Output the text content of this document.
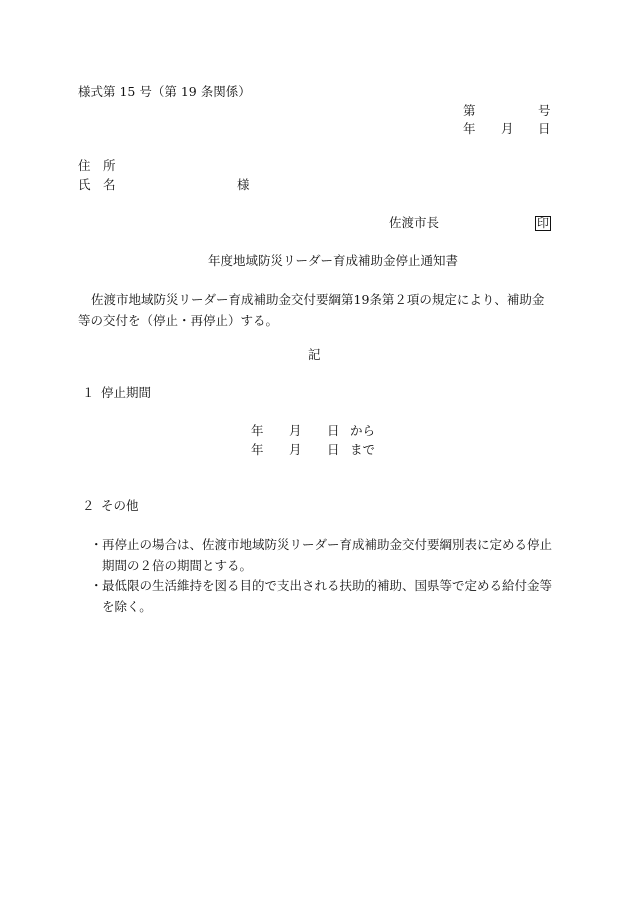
様式第 15 号（第 19 条関係）
第	号
年 月 日
住　所
氏　名	様
佐渡市長	印
年度地域防災リーダー育成補助金停止通知書
佐渡市地域防災リーダー育成補助金交付要綱第19条第２項の規定により、補助金等の交付を（停止・再停止）する。
記
１ 停止期間
年 月 日 から
年 月 日 まで
２ その他
・ 再停止の場合は、佐渡市地域防災リーダー育成補助金交付要綱別表に定める停止期間の２倍の期間とする。
・ 最低限の生活維持を図る目的で支出される扶助的補助、国県等で定める給付金等を除く。
